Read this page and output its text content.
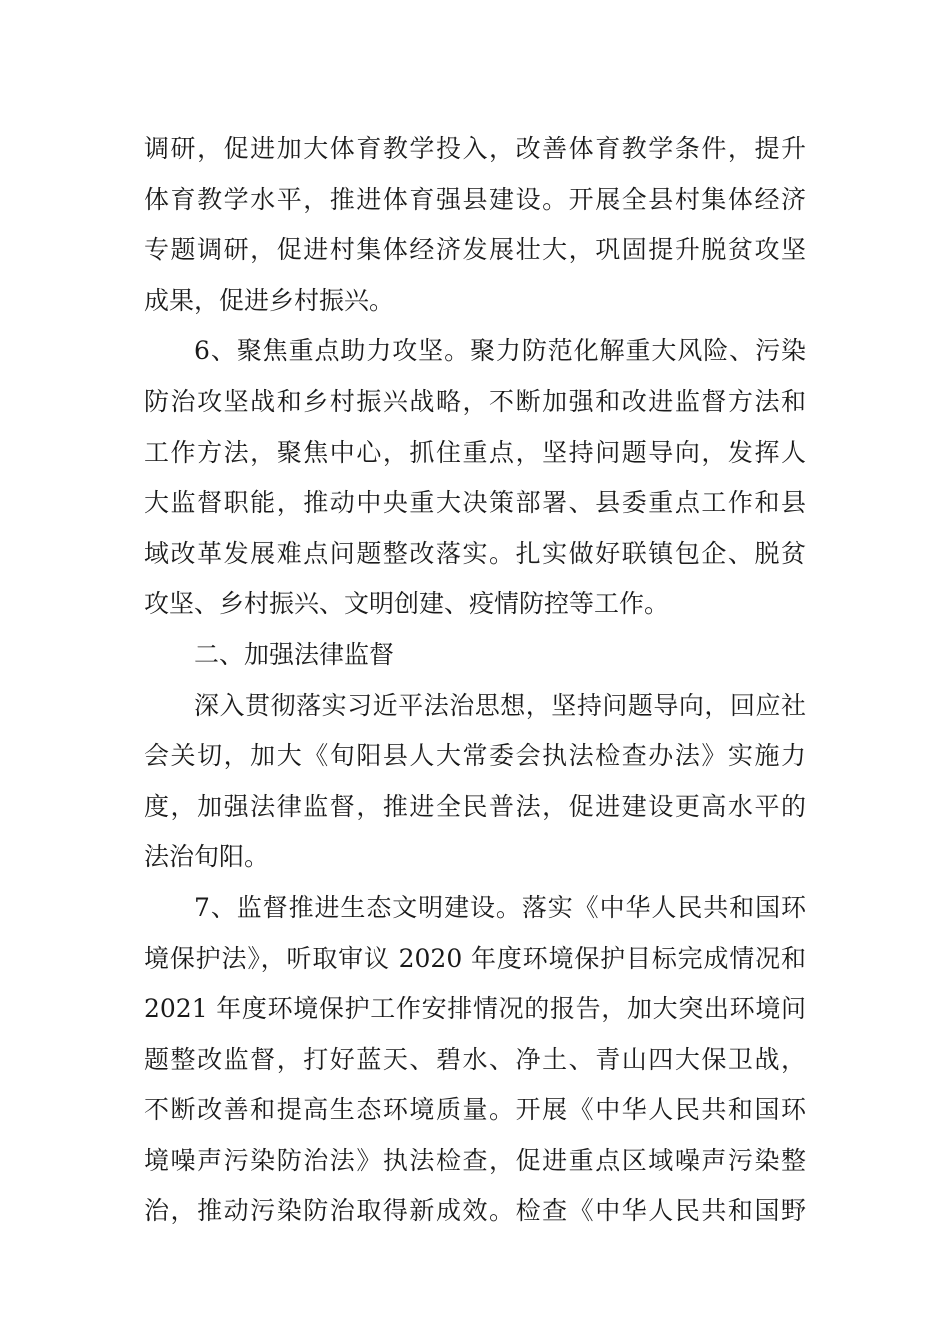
调研，促进加大体育教学投入，改善体育教学条件，提升
体育教学水平，推进体育强县建设。开展全县村集体经济
专题调研，促进村集体经济发展壮大，巩固提升脱贫攻坚
成果，促进乡村振兴。
6、聚焦重点助力攻坚。聚力防范化解重大风险、污染
防治攻坚战和乡村振兴战略，不断加强和改进监督方法和
工作方法，聚焦中心，抓住重点，坚持问题导向，发挥人
大监督职能，推动中央重大决策部署、县委重点工作和县
域改革发展难点问题整改落实。扎实做好联镇包企、脱贫
攻坚、乡村振兴、文明创建、疫情防控等工作。
二、加强法律监督
深入贯彻落实习近平法治思想，坚持问题导向，回应社
会关切，加大《旬阳县人大常委会执法检查办法》实施力
度，加强法律监督，推进全民普法，促进建设更高水平的
法治旬阳。
7、监督推进生态文明建设。落实《中华人民共和国环
境保护法》，听取审议 2020 年度环境保护目标完成情况和
2021 年度环境保护工作安排情况的报告，加大突出环境问
题整改监督，打好蓝天、碧水、净土、青山四大保卫战，
不断改善和提高生态环境质量。开展《中华人民共和国环
境噪声污染防治法》执法检查，促进重点区域噪声污染整
治，推动污染防治取得新成效。检查《中华人民共和国野
